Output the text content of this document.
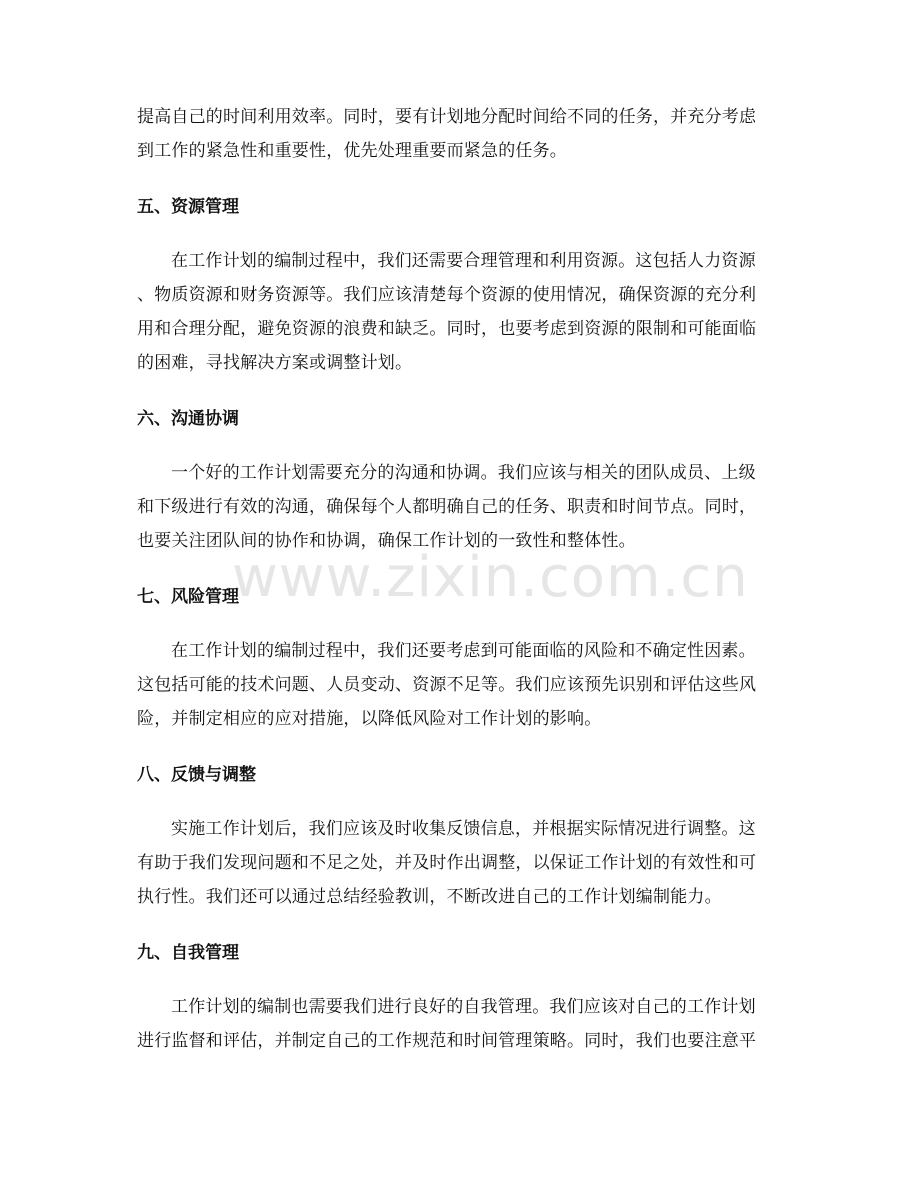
提高自己的时间利用效率。同时，要有计划地分配时间给不同的任务，并充分考虑
到工作的紧急性和重要性，优先处理重要而紧急的任务。
五、资源管理
在工作计划的编制过程中，我们还需要合理管理和利用资源。这包括人力资源
、物质资源和财务资源等。我们应该清楚每个资源的使用情况，确保资源的充分利
用和合理分配，避免资源的浪费和缺乏。同时，也要考虑到资源的限制和可能面临
的困难，寻找解决方案或调整计划。
六、沟通协调
一个好的工作计划需要充分的沟通和协调。我们应该与相关的团队成员、上级
和下级进行有效的沟通，确保每个人都明确自己的任务、职责和时间节点。同时，
也要关注团队间的协作和协调，确保工作计划的一致性和整体性。
七、风险管理
在工作计划的编制过程中，我们还要考虑到可能面临的风险和不确定性因素。
这包括可能的技术问题、人员变动、资源不足等。我们应该预先识别和评估这些风
险，并制定相应的应对措施，以降低风险对工作计划的影响。
八、反馈与调整
实施工作计划后，我们应该及时收集反馈信息，并根据实际情况进行调整。这
有助于我们发现问题和不足之处，并及时作出调整，以保证工作计划的有效性和可
执行性。我们还可以通过总结经验教训，不断改进自己的工作计划编制能力。
九、自我管理
工作计划的编制也需要我们进行良好的自我管理。我们应该对自己的工作计划
进行监督和评估，并制定自己的工作规范和时间管理策略。同时，我们也要注意平
www.zixin.com.cn
